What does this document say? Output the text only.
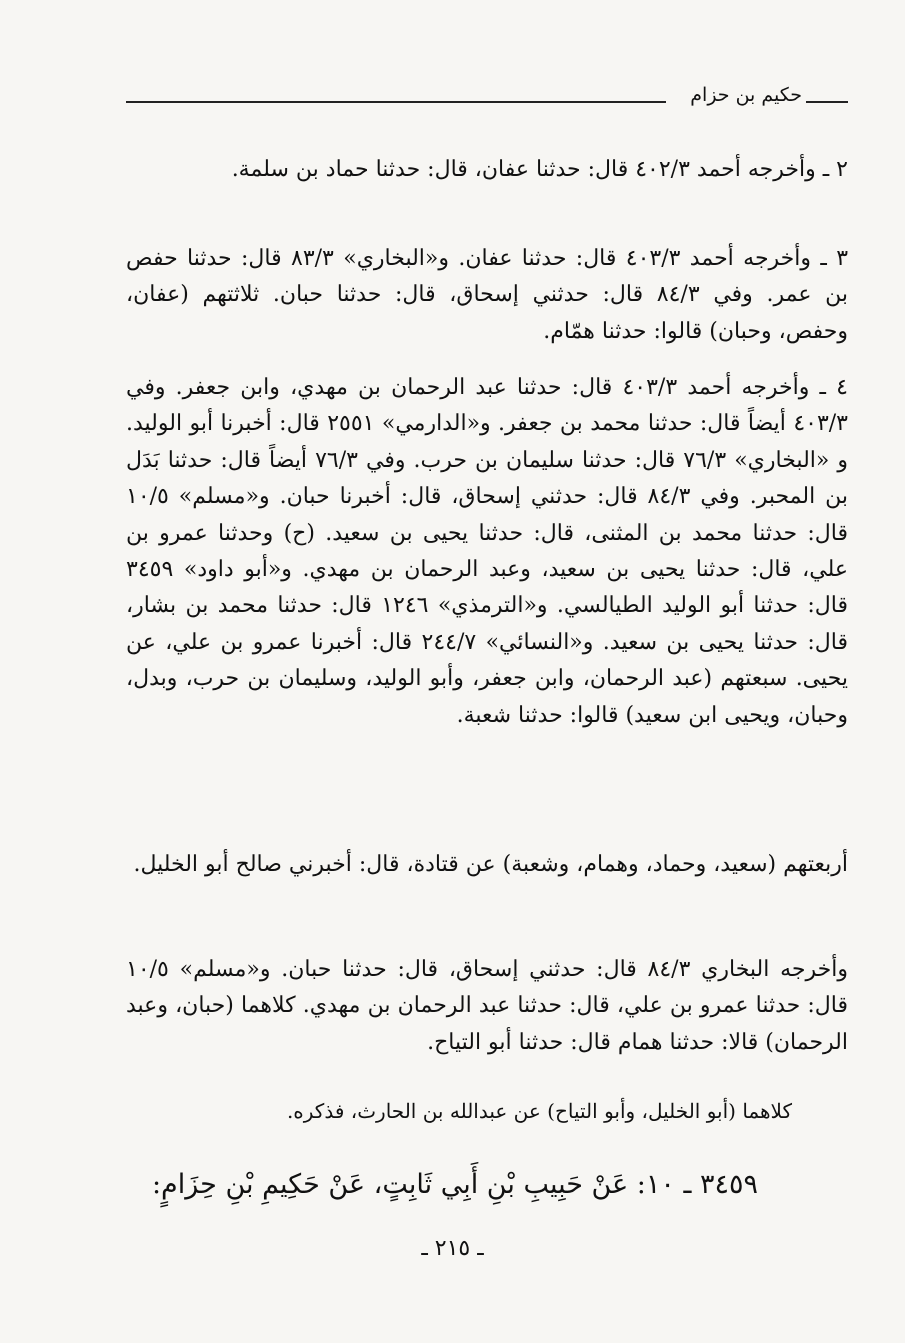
حكيم بن حزام

٢ ـ وأخرجه أحمد ٤٠٢/٣ قال: حدثنا عفان، قال: حدثنا حماد بن سلمة.

٣ ـ وأخرجه أحمد ٤٠٣/٣ قال: حدثنا عفان. و«البخاري» ٨٣/٣ قال: حدثنا حفص بن عمر. وفي ٨٤/٣ قال: حدثني إسحاق، قال: حدثنا حبان. ثلاثتهم (عفان، وحفص، وحبان) قالوا: حدثنا همّام.

٤ ـ وأخرجه أحمد ٤٠٣/٣ قال: حدثنا عبد الرحمان بن مهدي، وابن جعفر. وفي ٤٠٣/٣ أيضاً قال: حدثنا محمد بن جعفر. و«الدارمي» ٢٥٥١ قال: أخبرنا أبو الوليد. و «البخاري» ٧٦/٣ قال: حدثنا سليمان بن حرب. وفي ٧٦/٣ أيضاً قال: حدثنا بَدَل بن المحبر. وفي ٨٤/٣ قال: حدثني إسحاق، قال: أخبرنا حبان. و«مسلم» ١٠/٥ قال: حدثنا محمد بن المثنى، قال: حدثنا يحيى بن سعيد. (ح) وحدثنا عمرو بن علي، قال: حدثنا يحيى بن سعيد، وعبد الرحمان بن مهدي. و«أبو داود» ٣٤٥٩ قال: حدثنا أبو الوليد الطيالسي. و«الترمذي» ١٢٤٦ قال: حدثنا محمد بن بشار، قال: حدثنا يحيى بن سعيد. و«النسائي» ٢٤٤/٧ قال: أخبرنا عمرو بن علي، عن يحيى. سبعتهم (عبد الرحمان، وابن جعفر، وأبو الوليد، وسليمان بن حرب، وبدل، وحبان، ويحيى ابن سعيد) قالوا: حدثنا شعبة.

أربعتهم (سعيد، وحماد، وهمام، وشعبة) عن قتادة، قال: أخبرني صالح أبو الخليل.

وأخرجه البخاري ٨٤/٣ قال: حدثني إسحاق، قال: حدثنا حبان. و«مسلم» ١٠/٥ قال: حدثنا عمرو بن علي، قال: حدثنا عبد الرحمان بن مهدي. كلاهما (حبان، وعبد الرحمان) قالا: حدثنا همام قال: حدثنا أبو التياح.

كلاهما (أبو الخليل، وأبو التياح) عن عبدالله بن الحارث، فذكره.

٣٤٥٩ ـ ١٠: عَنْ حَبِيبِ بْنِ أَبِي ثَابِتٍ، عَنْ حَكِيمِ بْنِ حِزَامٍ:
ـ ٢١٥ ـ
